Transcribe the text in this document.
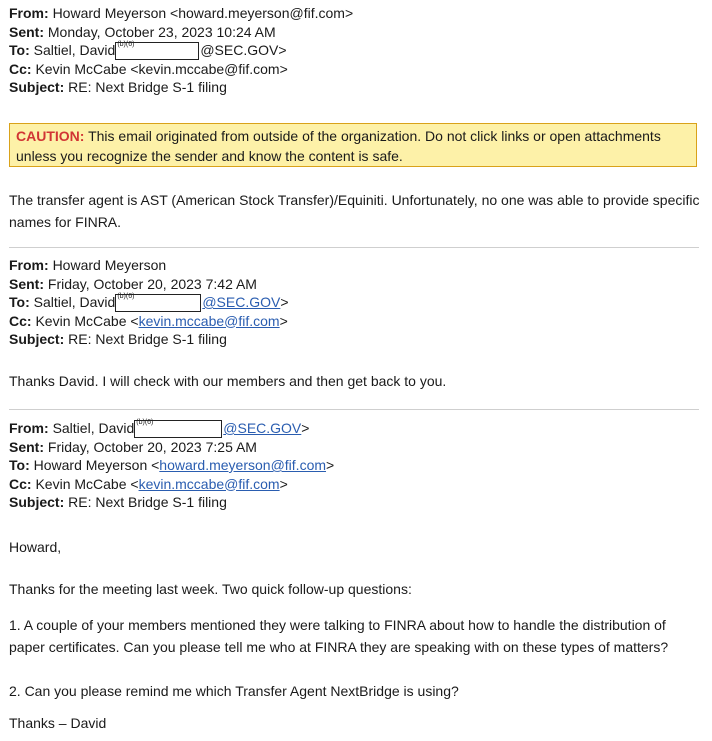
From: Howard Meyerson <howard.meyerson@fif.com>
Sent: Monday, October 23, 2023 10:24 AM
To: Saltiel, David (b)(6)	@SEC.GOV>
Cc: Kevin McCabe <kevin.mccabe@fif.com>
Subject: RE: Next Bridge S-1 filing
CAUTION: This email originated from outside of the organization. Do not click links or open attachments unless you recognize the sender and know the content is safe.
The transfer agent is AST (American Stock Transfer)/Equiniti. Unfortunately, no one was able to provide specific names for FINRA.
From: Howard Meyerson
Sent: Friday, October 20, 2023 7:42 AM
To: Saltiel, David (b)(6)	@SEC.GOV>
Cc: Kevin McCabe <kevin.mccabe@fif.com>
Subject: RE: Next Bridge S-1 filing
Thanks David. I will check with our members and then get back to you.
From: Saltiel, David (b)(6)	@SEC.GOV>
Sent: Friday, October 20, 2023 7:25 AM
To: Howard Meyerson <howard.meyerson@fif.com>
Cc: Kevin McCabe <kevin.mccabe@fif.com>
Subject: RE: Next Bridge S-1 filing
Howard,
Thanks for the meeting last week. Two quick follow-up questions:
1. A couple of your members mentioned they were talking to FINRA about how to handle the distribution of paper certificates. Can you please tell me who at FINRA they are speaking with on these types of matters?
2. Can you please remind me which Transfer Agent NextBridge is using?
Thanks – David
